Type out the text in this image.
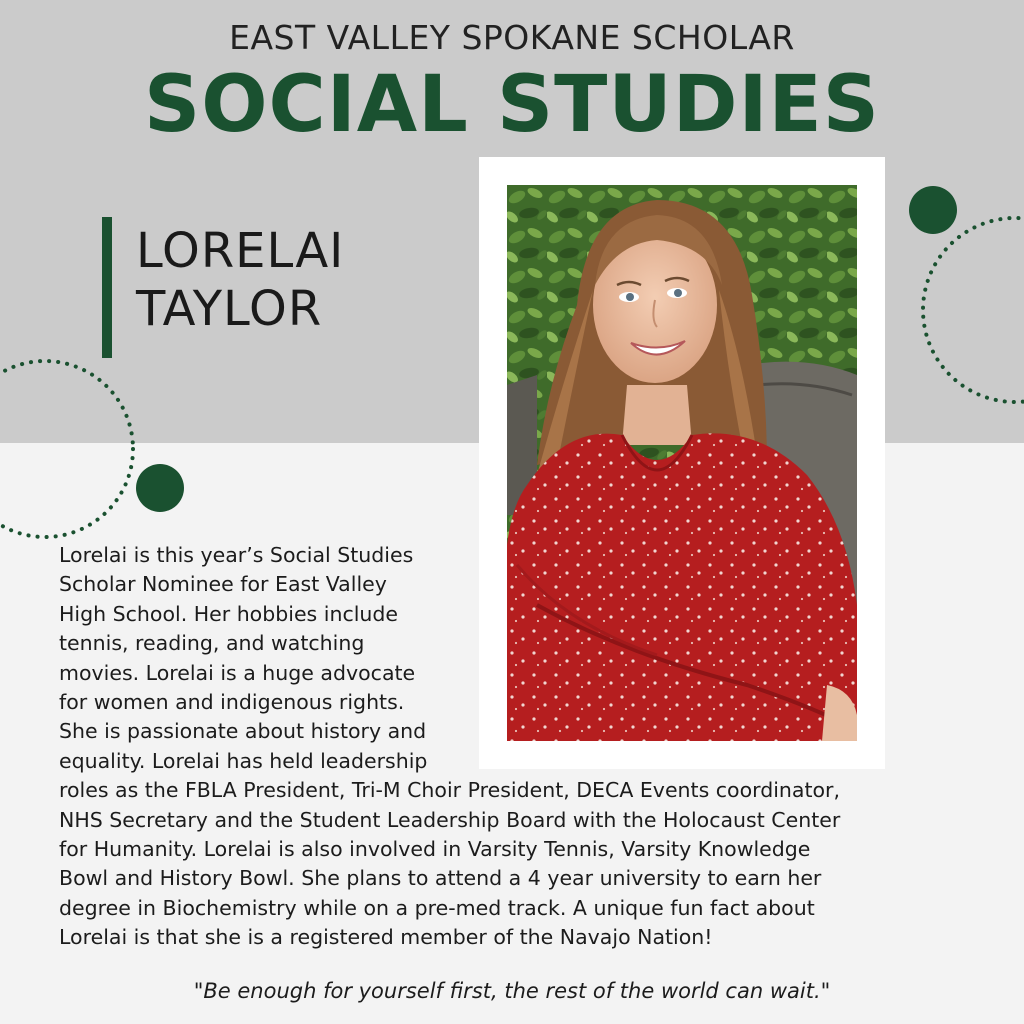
EAST VALLEY SPOKANE SCHOLAR
SOCIAL STUDIES
LORELAI
TAYLOR
Lorelai is this year’s Social Studies
Scholar Nominee for East Valley
High School. Her hobbies include
tennis, reading, and watching
movies. Lorelai is a huge advocate
for women and indigenous rights.
She is passionate about history and
equality. Lorelai has held leadership
roles as the FBLA President, Tri-M Choir President, DECA Events coordinator,
NHS Secretary and the Student Leadership Board with the Holocaust Center
for Humanity. Lorelai is also involved in Varsity Tennis, Varsity Knowledge
Bowl and History Bowl. She plans to attend a 4 year university to earn her
degree in Biochemistry while on a pre-med track. A unique fun fact about
Lorelai is that she is a registered member of the Navajo Nation!
"Be enough for yourself first, the rest of the world can wait."
